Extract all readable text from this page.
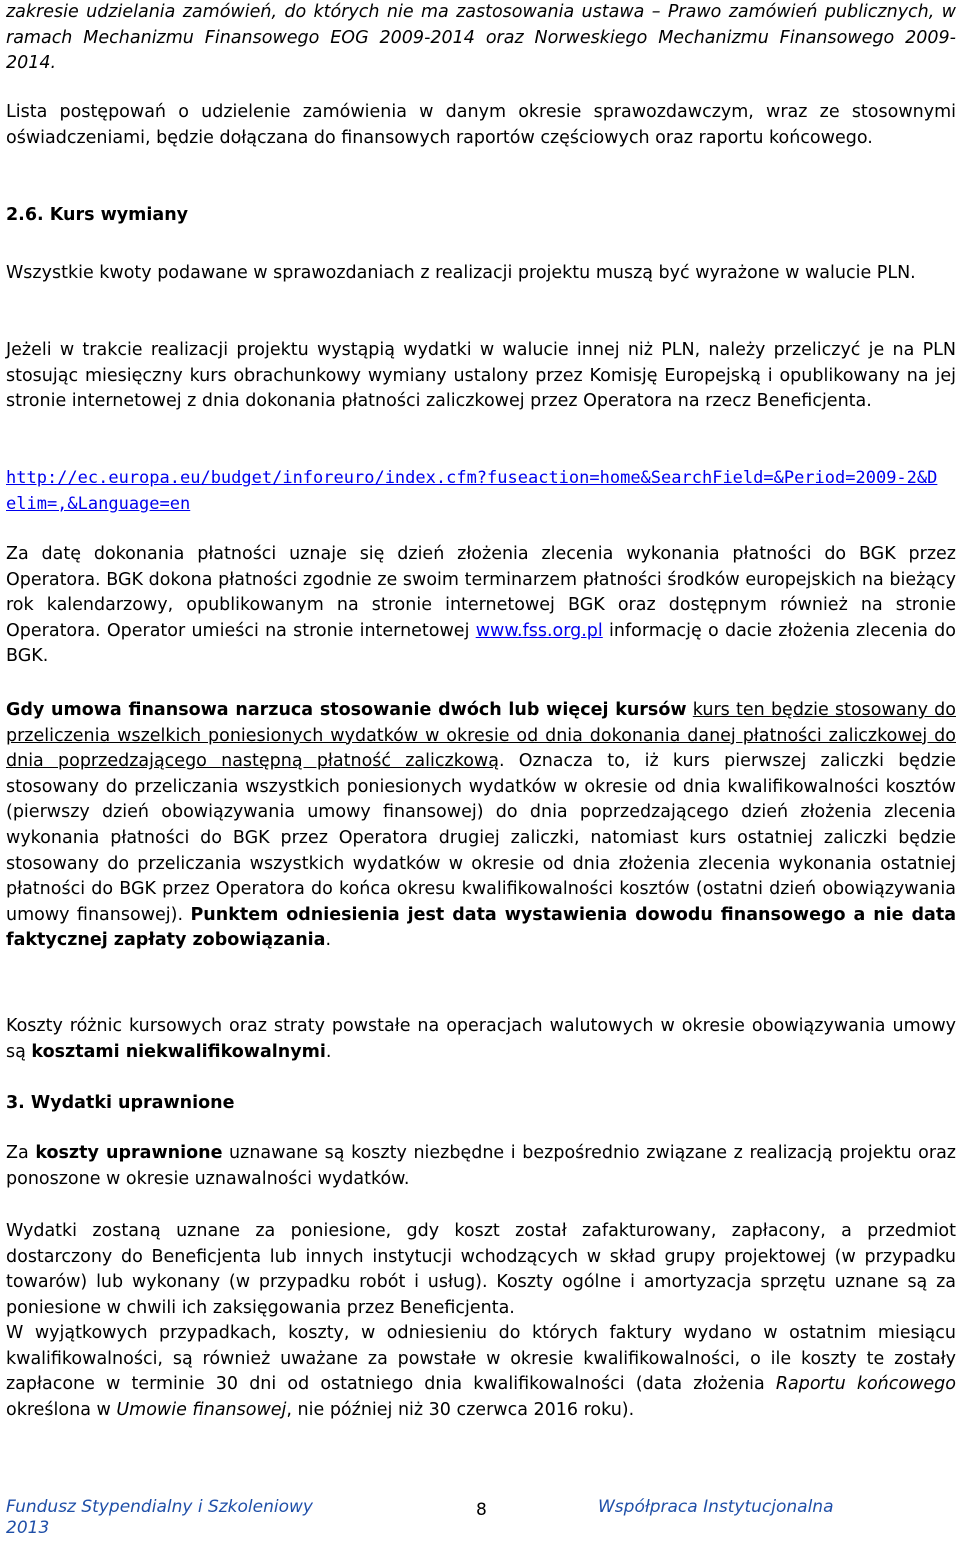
zakresie udzielania zamówień, do których nie ma zastosowania ustawa – Prawo zamówień publicznych, w ramach Mechanizmu Finansowego EOG 2009-2014 oraz Norweskiego Mechanizmu Finansowego 2009-2014.

Lista postępowań o udzielenie zamówienia w danym okresie sprawozdawczym, wraz ze stosownymi oświadczeniami, będzie dołączana do finansowych raportów częściowych oraz raportu końcowego.

2.6. Kurs wymiany

Wszystkie kwoty podawane w sprawozdaniach z realizacji projektu muszą być wyrażone w walucie PLN.

Jeżeli w trakcie realizacji projektu wystąpią wydatki w walucie innej niż PLN, należy przeliczyć je na PLN stosując miesięczny kurs obrachunkowy wymiany ustalony przez Komisję Europejską i opublikowany na jej stronie internetowej z dnia dokonania płatności zaliczkowej przez Operatora na rzecz Beneficjenta.

http://ec.europa.eu/budget/inforeuro/index.cfm?fuseaction=home&SearchField=&Period=2009-2&Delim=,&Language=en

Za datę dokonania płatności uznaje się dzień złożenia zlecenia wykonania płatności do BGK przez Operatora. BGK dokona płatności zgodnie ze swoim terminarzem płatności środków europejskich na bieżący rok kalendarzowy, opublikowanym na stronie internetowej BGK oraz dostępnym również na stronie Operatora. Operator umieści na stronie internetowej www.fss.org.pl informację o dacie złożenia zlecenia do BGK.

Gdy umowa finansowa narzuca stosowanie dwóch lub więcej kursów kurs ten będzie stosowany do przeliczenia wszelkich poniesionych wydatków w okresie od dnia dokonania danej płatności zaliczkowej do dnia poprzedzającego następną płatność zaliczkową. Oznacza to, iż kurs pierwszej zaliczki będzie stosowany do przeliczania wszystkich poniesionych wydatków w okresie od dnia kwalifikowalności kosztów (pierwszy dzień obowiązywania umowy finansowej) do dnia poprzedzającego dzień złożenia zlecenia wykonania płatności do BGK przez Operatora drugiej zaliczki, natomiast kurs ostatniej zaliczki będzie stosowany do przeliczania wszystkich wydatków w okresie od dnia złożenia zlecenia wykonania ostatniej płatności do BGK przez Operatora do końca okresu kwalifikowalności kosztów (ostatni dzień obowiązywania umowy finansowej). Punktem odniesienia jest data wystawienia dowodu finansowego a nie data faktycznej zapłaty zobowiązania.

Koszty różnic kursowych oraz straty powstałe na operacjach walutowych w okresie obowiązywania umowy są kosztami niekwalifikowalnymi.

3. Wydatki uprawnione

Za koszty uprawnione uznawane są koszty niezbędne i bezpośrednio związane z realizacją projektu oraz ponoszone w okresie uznawalności wydatków.

Wydatki zostaną uznane za poniesione, gdy koszt został zafakturowany, zapłacony, a przedmiot dostarczony do Beneficjenta lub innych instytucji wchodzących w skład grupy projektowej (w przypadku towarów) lub wykonany (w przypadku robót i usług). Koszty ogólne i amortyzacja sprzętu uznane są za poniesione w chwili ich zaksięgowania przez Beneficjenta.

W wyjątkowych przypadkach, koszty, w odniesieniu do których faktury wydano w ostatnim miesiącu kwalifikowalności, są również uważane za powstałe w okresie kwalifikowalności, o ile koszty te zostały zapłacone w terminie 30 dni od ostatniego dnia kwalifikowalności (data złożenia Raportu końcowego określona w Umowie finansowej, nie później niż 30 czerwca 2016 roku).

Fundusz Stypendialny i Szkoleniowy 2013
8	Współpraca Instytucjonalna
